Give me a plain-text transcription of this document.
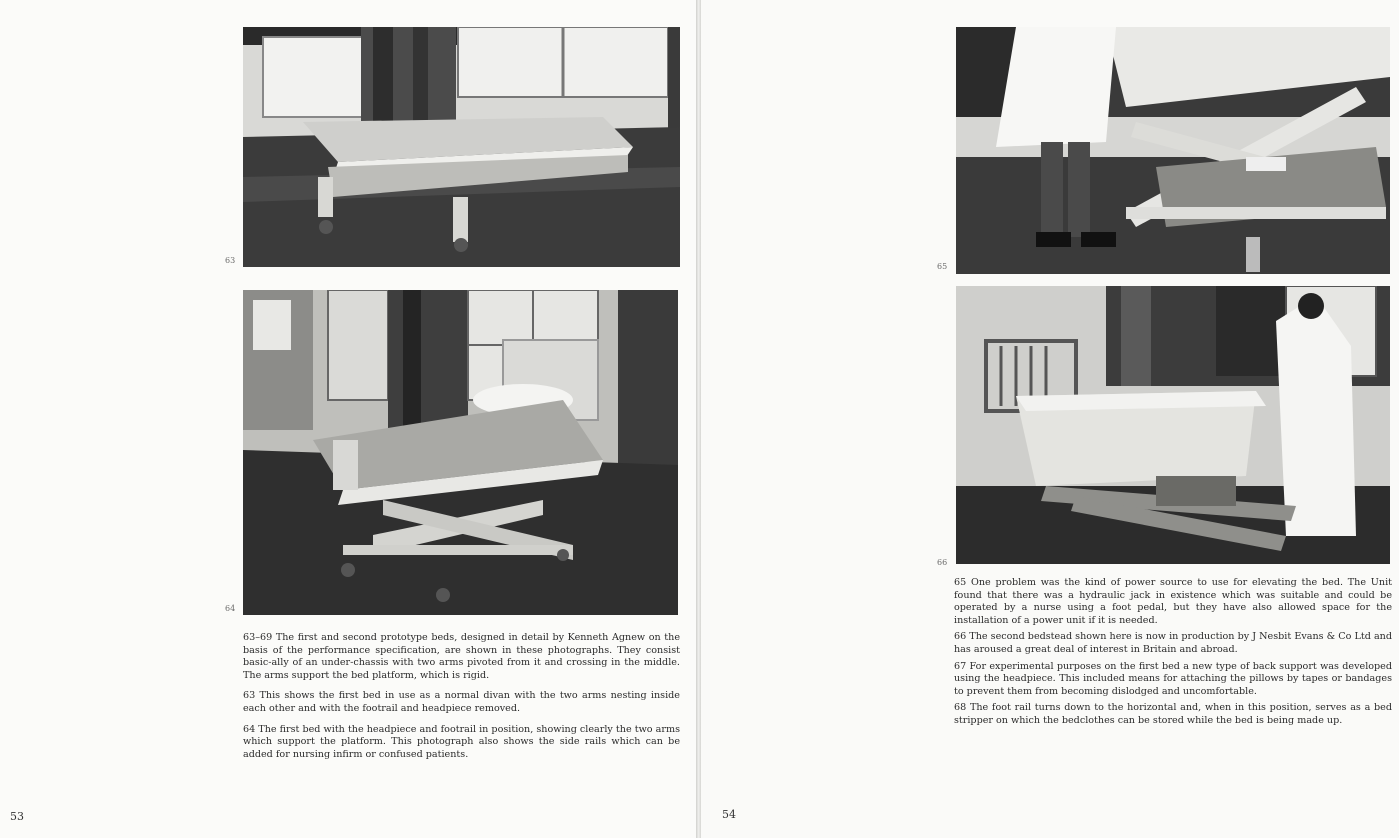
63
64

63–69 The first and second prototype beds, designed in detail by Kenneth Agnew on the basis of the performance specification, are shown in these photographs. They consist basic-ally of an under-chassis with two arms pivoted from it and crossing in the middle. The arms support the bed platform, which is rigid.

63 This shows the first bed in use as a normal divan with the two arms nesting inside each other and with the footrail and headpiece removed.

64 The first bed with the headpiece and footrail in position, showing clearly the two arms which support the platform. This photograph also shows the side rails which can be added for nursing infirm or confused patients.

53
65
66

65 One problem was the kind of power source to use for elevating the bed. The Unit found that there was a hydraulic jack in existence which was suitable and could be operated by a nurse using a foot pedal, but they have also allowed space for the installation of a power unit if it is needed.

66 The second bedstead shown here is now in production by J Nesbit Evans & Co Ltd and has aroused a great deal of interest in Britain and abroad.

67 For experimental purposes on the first bed a new type of back support was developed using the headpiece. This included means for attaching the pillows by tapes or bandages to prevent them from becoming dislodged and uncomfortable.

68 The foot rail turns down to the horizontal and, when in this position, serves as a bed stripper on which the bedclothes can be stored while the bed is being made up.

54
